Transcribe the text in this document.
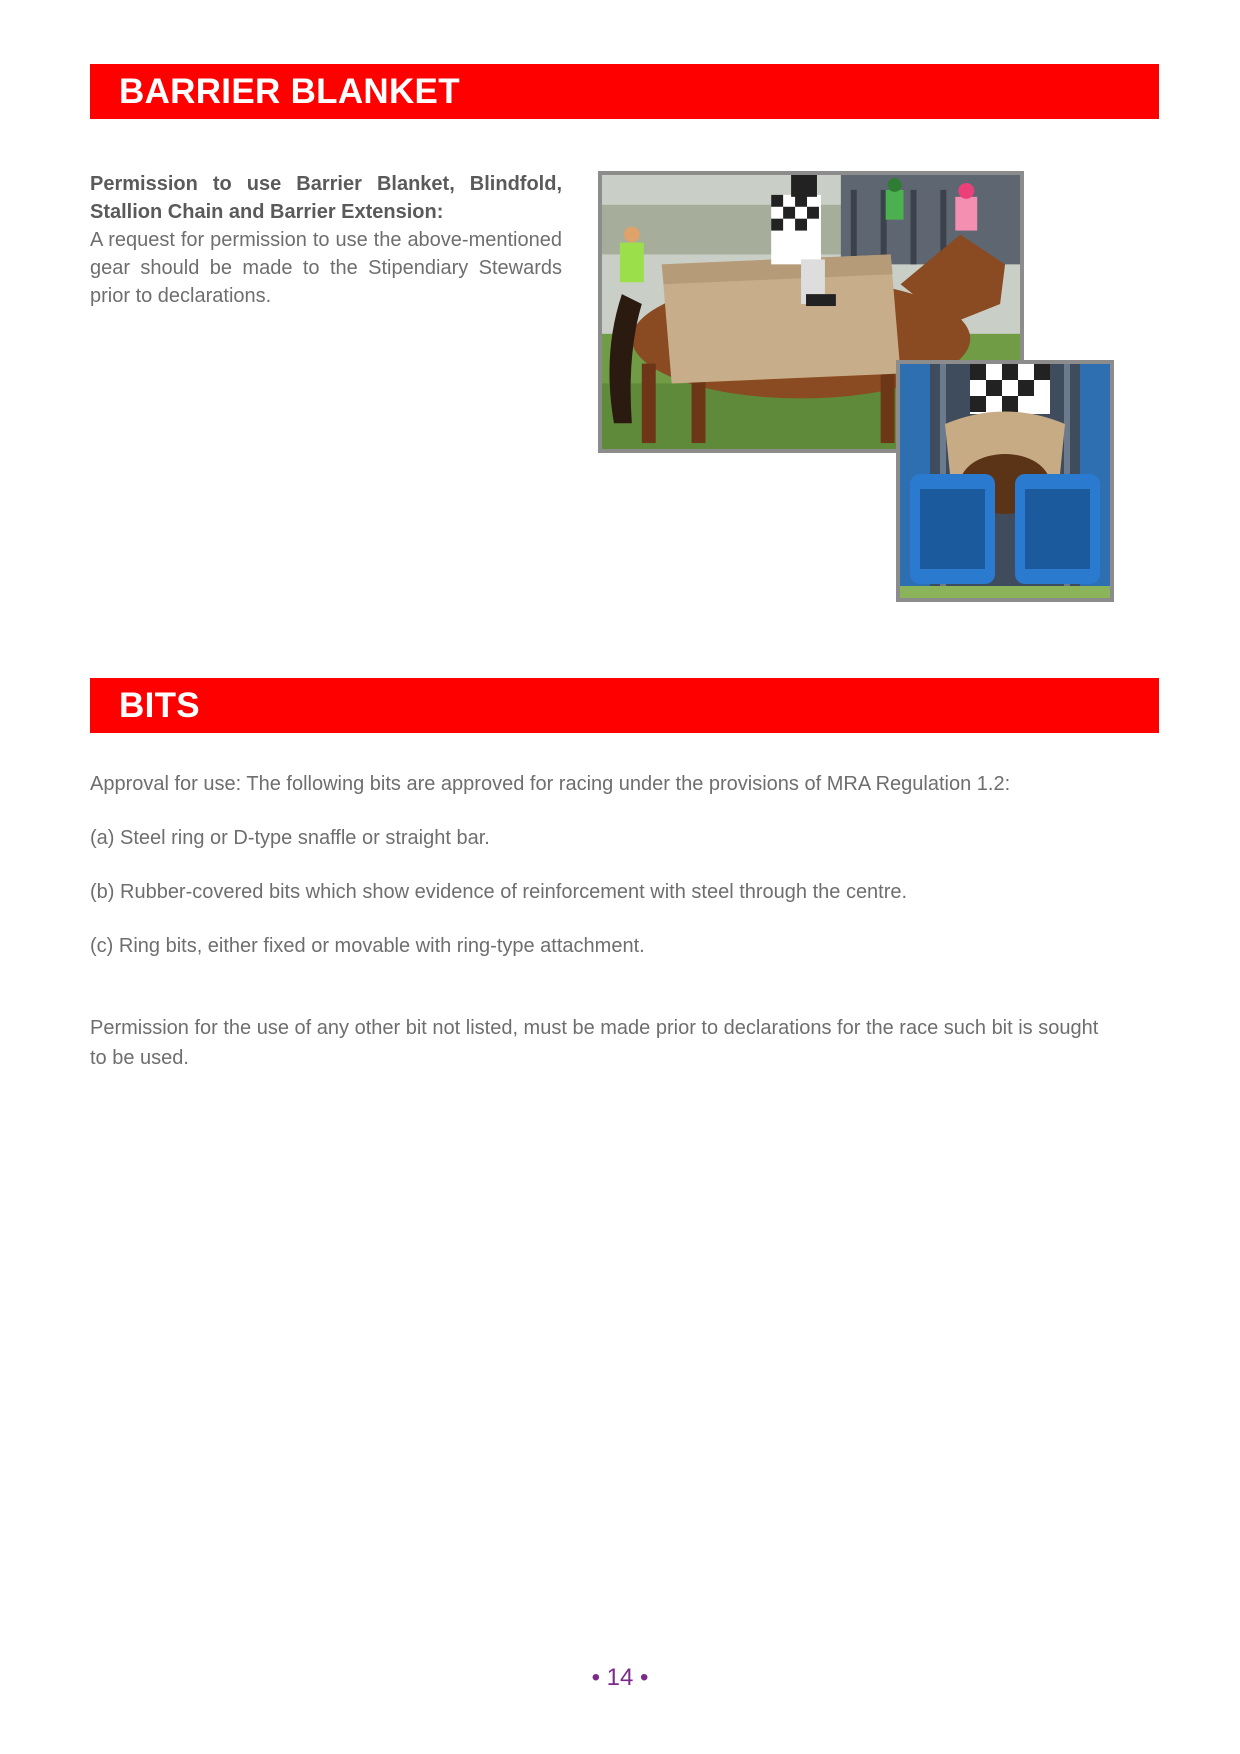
BARRIER BLANKET
Permission to use Barrier Blanket, Blindfold, Stallion Chain and Barrier Extension:
A request for permission to use the above-mentioned gear should be made to the Stipendiary Stewards prior to declarations.
BITS
Approval for use: The following bits are approved for racing under the provisions of MRA Regulation 1.2:
(a) Steel ring or D-type snaffle or straight bar.
(b) Rubber-covered bits which show evidence of reinforcement with steel through the centre.
(c) Ring bits, either fixed or movable with ring-type attachment.
Permission for the use of any other bit not listed, must be made prior to declarations for the race such bit is sought to be used.
• 14 •
